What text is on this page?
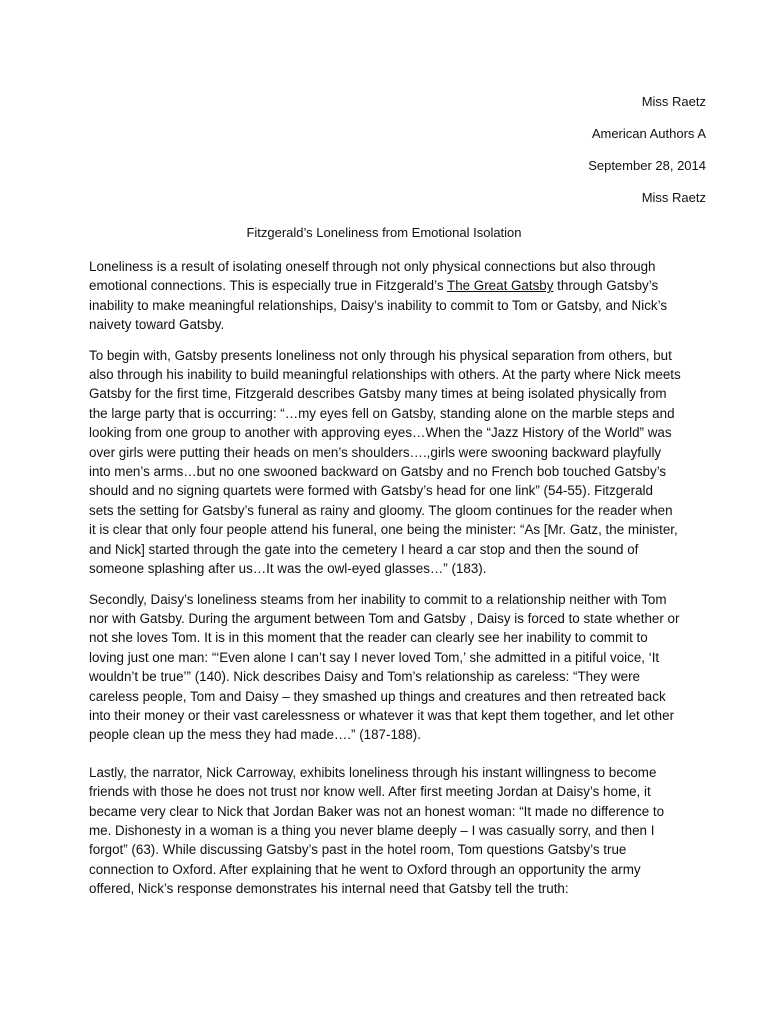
Miss Raetz
American Authors A
September 28, 2014
Miss Raetz
Fitzgerald’s Loneliness from Emotional Isolation

Loneliness is a result of isolating oneself through not only physical connections but also through emotional connections. This is especially true in Fitzgerald’s The Great Gatsby through Gatsby’s inability to make meaningful relationships, Daisy’s inability to commit to Tom or Gatsby, and Nick’s naivety toward Gatsby.

To begin with, Gatsby presents loneliness not only through his physical separation from others, but also through his inability to build meaningful relationships with others. At the party where Nick meets Gatsby for the first time, Fitzgerald describes Gatsby many times at being isolated physically from the large party that is occurring: “…my eyes fell on Gatsby, standing alone on the marble steps and looking from one group to another with approving eyes…When the “Jazz History of the World” was over girls were putting their heads on men’s shoulders….,girls were swooning backward playfully into men’s arms…but no one swooned backward on Gatsby and no French bob touched Gatsby’s should and no signing quartets were formed with Gatsby’s head for one link” (54-55). Fitzgerald sets the setting for Gatsby’s funeral as rainy and gloomy. The gloom continues for the reader when it is clear that only four people attend his funeral, one being the minister: “As [Mr. Gatz, the minister, and Nick] started through the gate into the cemetery I heard a car stop and then the sound of someone splashing after us…It was the owl-eyed glasses…” (183).

Secondly, Daisy’s loneliness steams from her inability to commit to a relationship neither with Tom nor with Gatsby. During the argument between Tom and Gatsby , Daisy is forced to state whether or not she loves Tom. It is in this moment that the reader can clearly see her inability to commit to loving just one man: “‘Even alone I can’t say I never loved Tom,’ she admitted in a pitiful voice, ‘It wouldn’t be true’” (140). Nick describes Daisy and Tom’s relationship as careless: “They were careless people, Tom and Daisy – they smashed up things and creatures and then retreated back into their money or their vast carelessness or whatever it was that kept them together, and let other people clean up the mess they had made….” (187-188).

Lastly, the narrator, Nick Carroway, exhibits loneliness through his instant willingness to become friends with those he does not trust nor know well. After first meeting Jordan at Daisy’s home, it became very clear to Nick that Jordan Baker was not an honest woman: “It made no difference to me. Dishonesty in a woman is a thing you never blame deeply – I was casually sorry, and then I forgot” (63). While discussing Gatsby’s past in the hotel room, Tom questions Gatsby’s true connection to Oxford. After explaining that he went to Oxford through an opportunity the army offered, Nick’s response demonstrates his internal need that Gatsby tell the truth:
